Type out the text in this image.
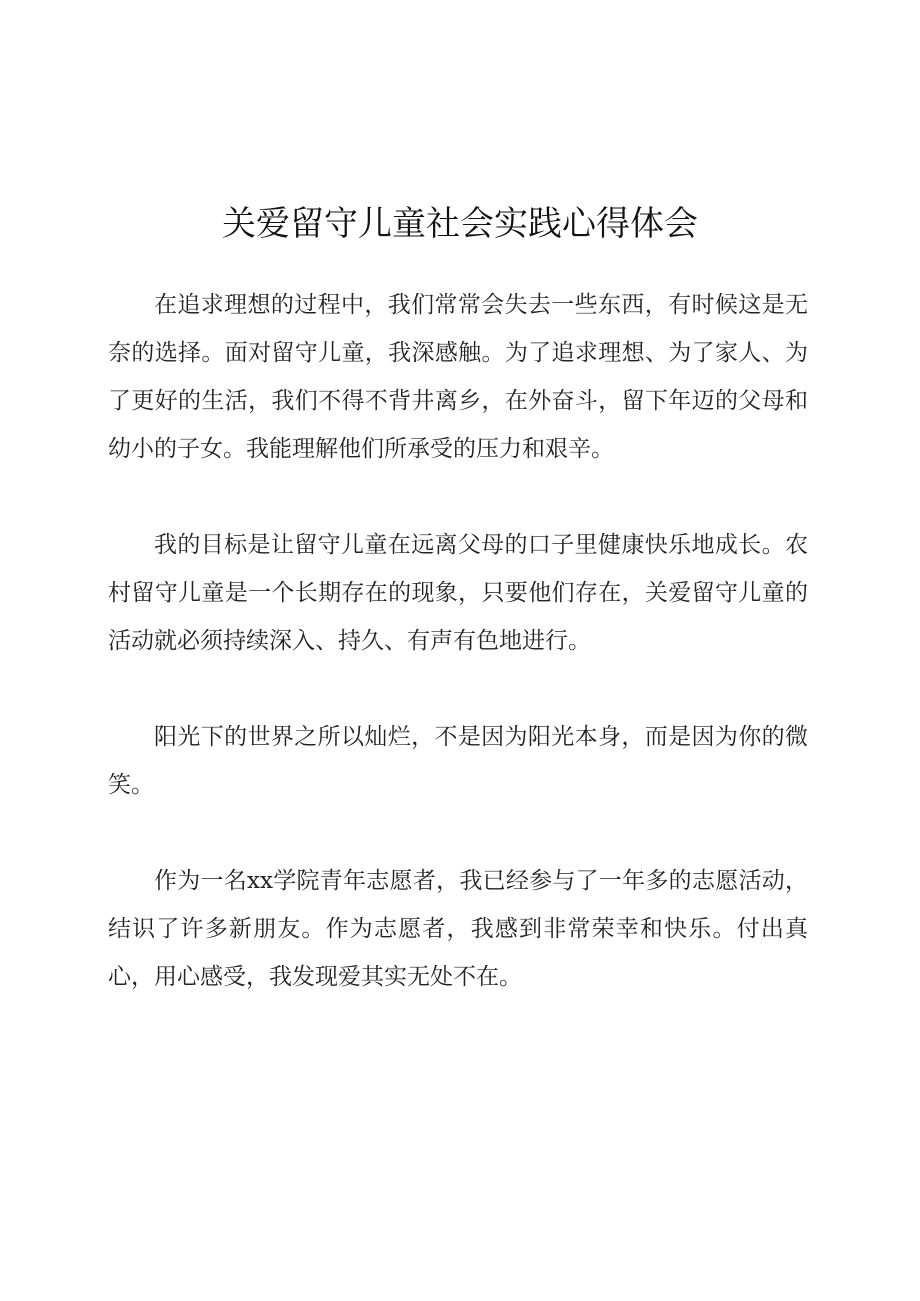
关爱留守儿童社会实践心得体会

在追求理想的过程中，我们常常会失去一些东西，有时候这是无奈的选择。面对留守儿童，我深感触。为了追求理想、为了家人、为了更好的生活，我们不得不背井离乡，在外奋斗，留下年迈的父母和幼小的子女。我能理解他们所承受的压力和艰辛。

我的目标是让留守儿童在远离父母的口子里健康快乐地成长。农村留守儿童是一个长期存在的现象，只要他们存在，关爱留守儿童的活动就必须持续深入、持久、有声有色地进行。

阳光下的世界之所以灿烂，不是因为阳光本身，而是因为你的微笑。

作为一名xx学院青年志愿者，我已经参与了一年多的志愿活动，结识了许多新朋友。作为志愿者，我感到非常荣幸和快乐。付出真心，用心感受，我发现爱其实无处不在。
